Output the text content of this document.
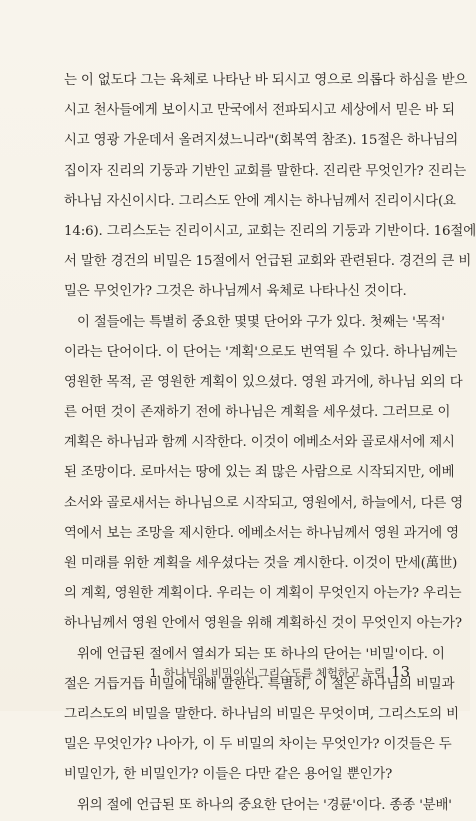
는 이 없도다 그는 육체로 나타난 바 되시고 영으로 의롭다 하심을 받으
시고 천사들에게 보이시고 만국에서 전파되시고 세상에서 믿은 바 되
시고 영광 가운데서 올려지셨느니라"(회복역 참조). 15절은 하나님의
집이자 진리의 기둥과 기반인 교회를 말한다. 진리란 무엇인가? 진리는
하나님 자신이시다. 그리스도 안에 계시는 하나님께서 진리이시다(요
14:6). 그리스도는 진리이시고, 교회는 진리의 기둥과 기반이다. 16절에
서 말한 경건의 비밀은 15절에서 언급된 교회와 관련된다. 경건의 큰 비
밀은 무엇인가? 그것은 하나님께서 육체로 나타나신 것이다.
이 절들에는 특별히 중요한 몇몇 단어와 구가 있다. 첫째는 '목적'
이라는 단어이다. 이 단어는 '계획'으로도 번역될 수 있다. 하나님께는
영원한 목적, 곧 영원한 계획이 있으셨다. 영원 과거에, 하나님 외의 다
른 어떤 것이 존재하기 전에 하나님은 계획을 세우셨다. 그러므로 이
계획은 하나님과 함께 시작한다. 이것이 에베소서와 골로새서에 제시
된 조망이다. 로마서는 땅에 있는 죄 많은 사람으로 시작되지만, 에베
소서와 골로새서는 하나님으로 시작되고, 영원에서, 하늘에서, 다른 영
역에서 보는 조망을 제시한다. 에베소서는 하나님께서 영원 과거에 영
원 미래를 위한 계획을 세우셨다는 것을 계시한다. 이것이 만세(萬世)
의 계획, 영원한 계획이다. 우리는 이 계획이 무엇인지 아는가? 우리는
하나님께서 영원 안에서 영원을 위해 계획하신 것이 무엇인지 아는가?
위에 언급된 절에서 열쇠가 되는 또 하나의 단어는 '비밀'이다. 이
절은 거듭거듭 비밀에 대해 말한다. 특별히, 이 절은 하나님의 비밀과
그리스도의 비밀을 말한다. 하나님의 비밀은 무엇이며, 그리스도의 비
밀은 무엇인가? 나아가, 이 두 비밀의 차이는 무엇인가? 이것들은 두
비밀인가, 한 비밀인가? 이들은 다만 같은 용어일 뿐인가?
위의 절에 언급된 또 하나의 중요한 단어는 '경륜'이다. 종종 '분배'
1. 하나님의 비밀이신 그리스도를 체험하고 누림 13
